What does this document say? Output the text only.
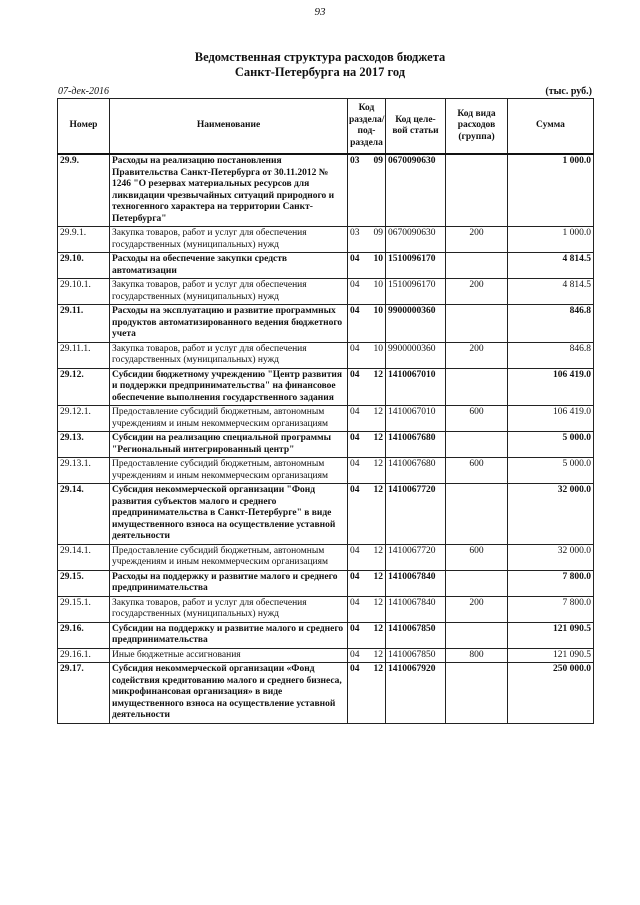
93
Ведомственная структура расходов бюджета
Санкт-Петербурга на 2017 год
07-дек-2016	(тыс. руб.)
Номер	Наименование	Код раздела/ под- раздела	Код целе- вой статьи	Код вида расходов (группа)	Сумма
29.9.	Расходы на реализацию постановления Правительства Санкт-Петербурга от 30.11.2012 № 1246 "О резервах материальных ресурсов для ликвидации чрезвычайных ситуаций природного и техногенного характера на территории Санкт-Петербурга"	03 09	0670090630		1 000.0
29.9.1.	Закупка товаров, работ и услуг для обеспечения государственных (муниципальных) нужд	03 09	0670090630	200	1 000.0
29.10.	Расходы на обеспечение закупки средств автоматизации	04 10	1510096170		4 814.5
29.10.1.	Закупка товаров, работ и услуг для обеспечения государственных (муниципальных) нужд	04 10	1510096170	200	4 814.5
29.11.	Расходы на эксплуатацию и развитие программных продуктов автоматизированного ведения бюджетного учета	04 10	9900000360		846.8
29.11.1.	Закупка товаров, работ и услуг для обеспечения государственных (муниципальных) нужд	04 10	9900000360	200	846.8
29.12.	Субсидии бюджетному учреждению "Центр развития и поддержки предпринимательства" на финансовое обеспечение выполнения государственного задания	04 12	1410067010		106 419.0
29.12.1.	Предоставление субсидий бюджетным, автономным учреждениям и иным некоммерческим организациям	04 12	1410067010	600	106 419.0
29.13.	Субсидии на реализацию специальной программы "Региональный интегрированный центр"	04 12	1410067680		5 000.0
29.13.1.	Предоставление субсидий бюджетным, автономным учреждениям и иным некоммерческим организациям	04 12	1410067680	600	5 000.0
29.14.	Субсидия некоммерческой организации "Фонд развития субъектов малого и среднего предпринимательства в Санкт-Петербурге" в виде имущественного взноса на осуществление уставной деятельности	04 12	1410067720		32 000.0
29.14.1.	Предоставление субсидий бюджетным, автономным учреждениям и иным некоммерческим организациям	04 12	1410067720	600	32 000.0
29.15.	Расходы на поддержку и развитие малого и среднего предпринимательства	04 12	1410067840		7 800.0
29.15.1.	Закупка товаров, работ и услуг для обеспечения государственных (муниципальных) нужд	04 12	1410067840	200	7 800.0
29.16.	Субсидии на поддержку и развитие малого и среднего предпринимательства	04 12	1410067850		121 090.5
29.16.1.	Иные бюджетные ассигнования	04 12	1410067850	800	121 090.5
29.17.	Субсидия некоммерческой организации «Фонд содействия кредитованию малого и среднего бизнеса, микрофинансовая организация» в виде имущественного взноса на осуществление уставной деятельности	04 12	1410067920		250 000.0
